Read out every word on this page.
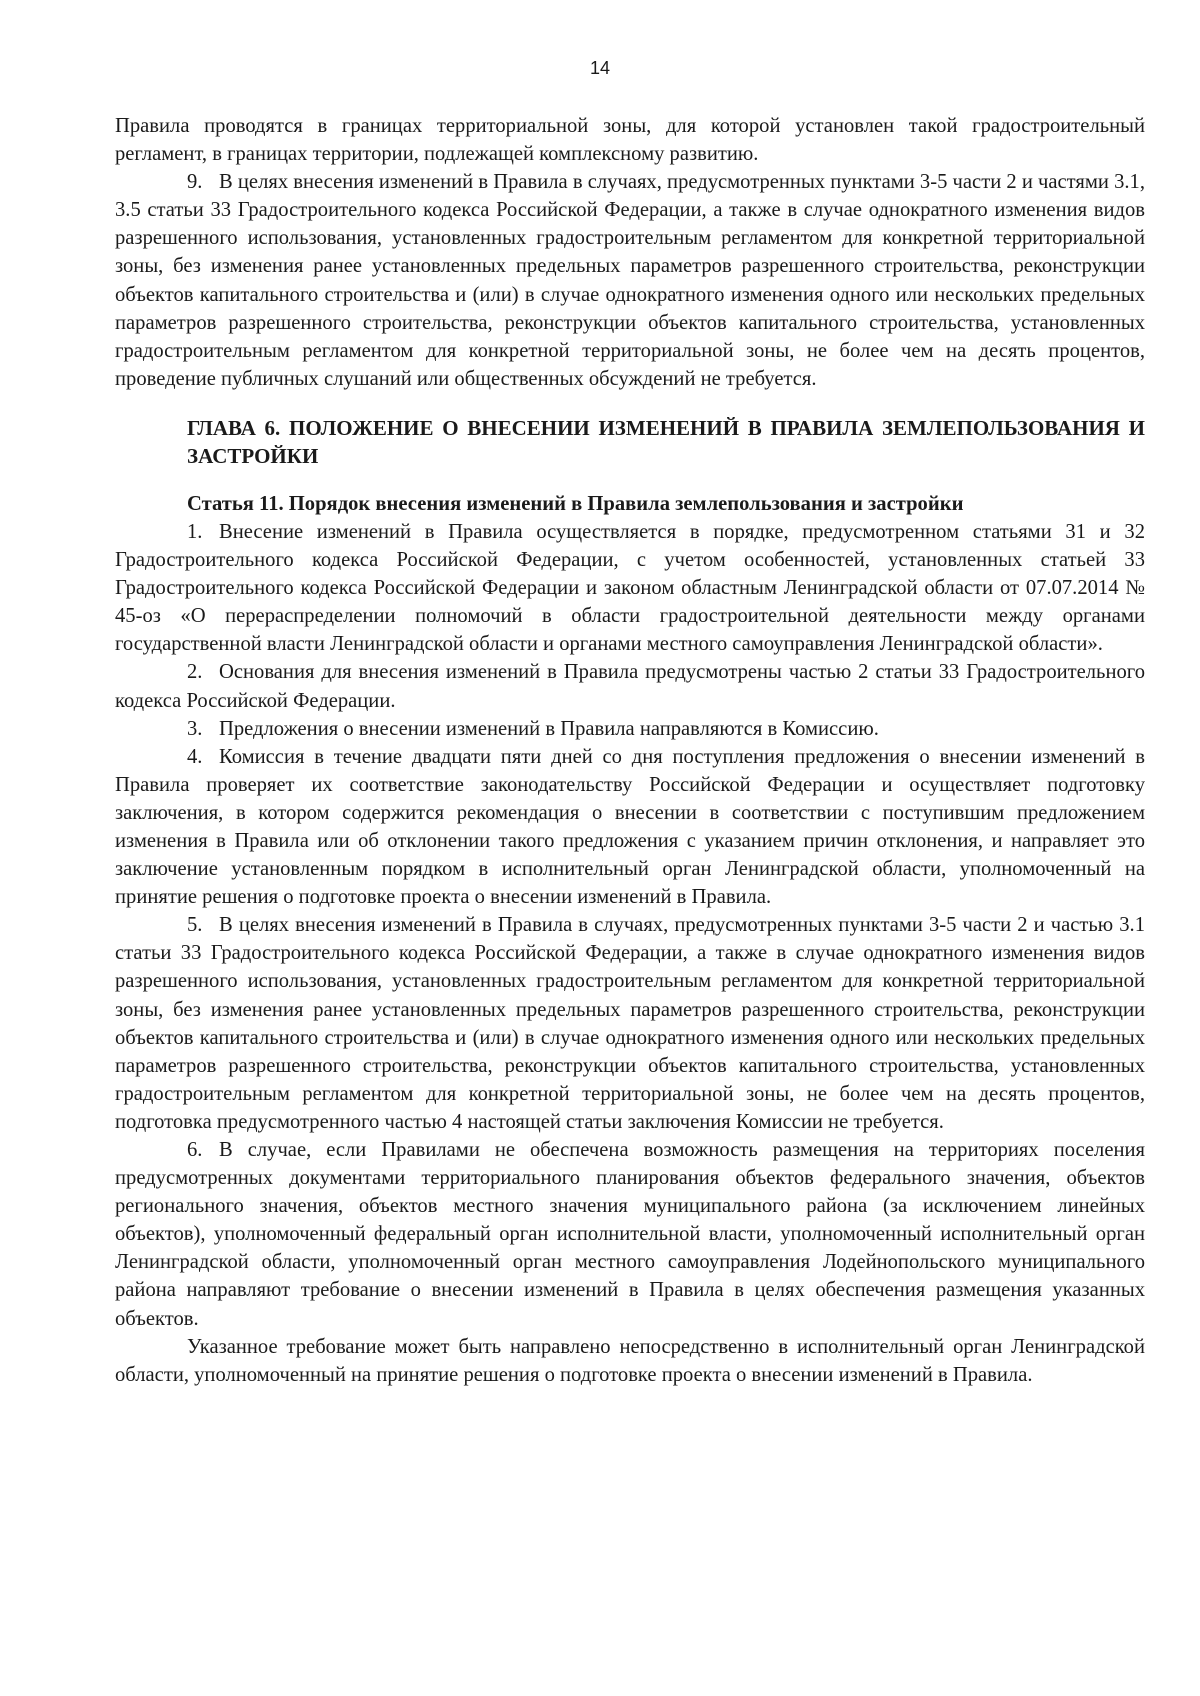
14

Правила проводятся в границах территориальной зоны, для которой установлен такой градостроительный регламент, в границах территории, подлежащей комплексному развитию.

9. В целях внесения изменений в Правила в случаях, предусмотренных пунктами 3-5 части 2 и частями 3.1, 3.5 статьи 33 Градостроительного кодекса Российской Федерации, а также в случае однократного изменения видов разрешенного использования, установленных градостроительным регламентом для конкретной территориальной зоны, без изменения ранее установленных предельных параметров разрешенного строительства, реконструкции объектов капитального строительства и (или) в случае однократного изменения одного или нескольких предельных параметров разрешенного строительства, реконструкции объектов капитального строительства, установленных градостроительным регламентом для конкретной территориальной зоны, не более чем на десять процентов, проведение публичных слушаний или общественных обсуждений не требуется.

ГЛАВА 6. ПОЛОЖЕНИЕ О ВНЕСЕНИИ ИЗМЕНЕНИЙ В ПРАВИЛА ЗЕМЛЕПОЛЬЗОВАНИЯ И ЗАСТРОЙКИ
Статья 11. Порядок внесения изменений в Правила землепользования и застройки

1. Внесение изменений в Правила осуществляется в порядке, предусмотренном статьями 31 и 32 Градостроительного кодекса Российской Федерации, с учетом особенностей, установленных статьей 33 Градостроительного кодекса Российской Федерации и законом областным Ленинградской области от 07.07.2014 № 45-оз «О перераспределении полномочий в области градостроительной деятельности между органами государственной власти Ленинградской области и органами местного самоуправления Ленинградской области».

2. Основания для внесения изменений в Правила предусмотрены частью 2 статьи 33 Градостроительного кодекса Российской Федерации.

3. Предложения о внесении изменений в Правила направляются в Комиссию.

4. Комиссия в течение двадцати пяти дней со дня поступления предложения о внесении изменений в Правила проверяет их соответствие законодательству Российской Федерации и осуществляет подготовку заключения, в котором содержится рекомендация о внесении в соответствии с поступившим предложением изменения в Правила или об отклонении такого предложения с указанием причин отклонения, и направляет это заключение установленным порядком в исполнительный орган Ленинградской области, уполномоченный на принятие решения о подготовке проекта о внесении изменений в Правила.

5. В целях внесения изменений в Правила в случаях, предусмотренных пунктами 3-5 части 2 и частью 3.1 статьи 33 Градостроительного кодекса Российской Федерации, а также в случае однократного изменения видов разрешенного использования, установленных градостроительным регламентом для конкретной территориальной зоны, без изменения ранее установленных предельных параметров разрешенного строительства, реконструкции объектов капитального строительства и (или) в случае однократного изменения одного или нескольких предельных параметров разрешенного строительства, реконструкции объектов капитального строительства, установленных градостроительным регламентом для конкретной территориальной зоны, не более чем на десять процентов, подготовка предусмотренного частью 4 настоящей статьи заключения Комиссии не требуется.

6. В случае, если Правилами не обеспечена возможность размещения на территориях поселения предусмотренных документами территориального планирования объектов федерального значения, объектов регионального значения, объектов местного значения муниципального района (за исключением линейных объектов), уполномоченный федеральный орган исполнительной власти, уполномоченный исполнительный орган Ленинградской области, уполномоченный орган местного самоуправления Лодейнопольского муниципального района направляют требование о внесении изменений в Правила в целях обеспечения размещения указанных объектов.

Указанное требование может быть направлено непосредственно в исполнительный орган Ленинградской области, уполномоченный на принятие решения о подготовке проекта о внесении изменений в Правила.
